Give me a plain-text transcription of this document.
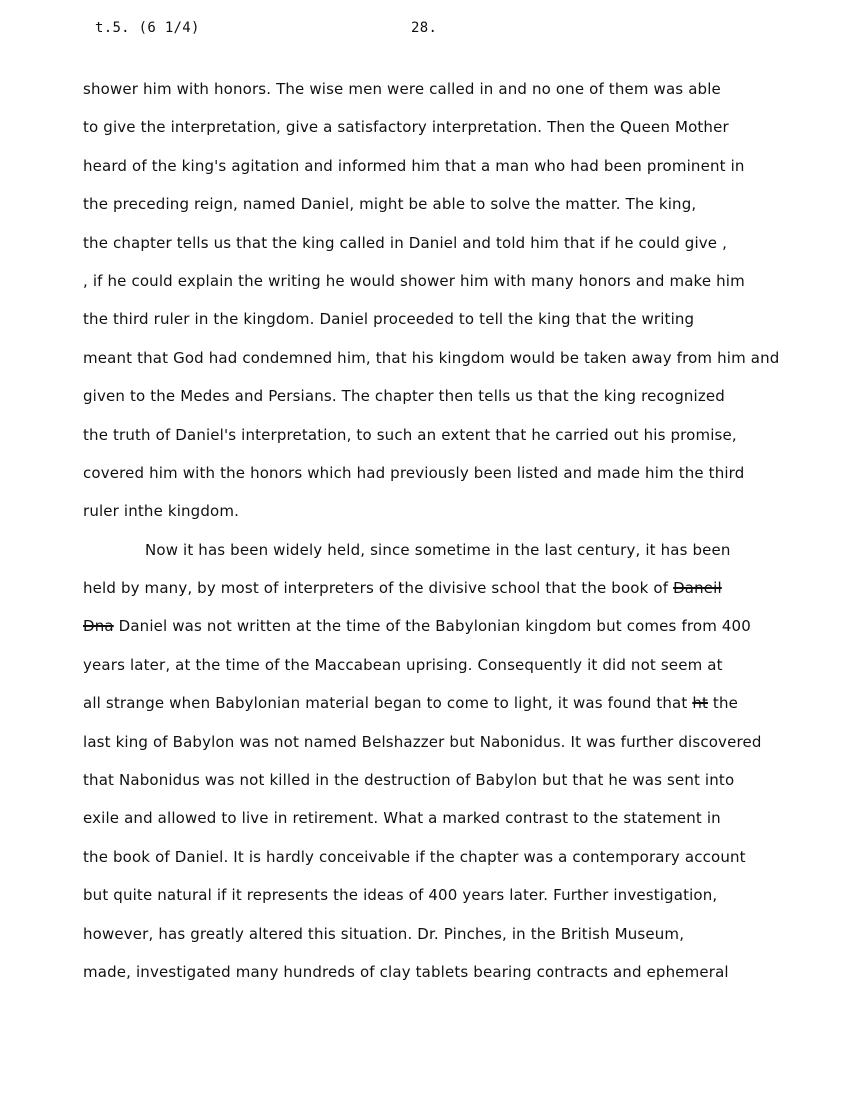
t.5. (6 1/4)	28.
shower him with honors. The wise men were called in and no one of them was able
to give the interpretation, give a satisfactory interpretation. Then the Queen Mother
heard of the king's agitation and informed him that a man who had been prominent in
the preceding reign, named Daniel, might be able to solve the matter. The king,
the chapter tells us that the king called in Daniel and told him that if he could give ,
, if he could explain the writing he would shower him with many honors and make him
the third ruler in the kingdom. Daniel proceeded to tell the king that the writing
meant that God had condemned him, that his kingdom would be taken away from him and
given to the Medes and Persians. The chapter then tells us that the king recognized
the truth of Daniel's interpretation, to such an extent that he carried out his promise,
covered him with the honors which had previously been listed and made him the third
ruler inthe kingdom.
Now it has been widely held, since sometime in the last century, it has been
held by many, by most of interpreters of the divisive school that the book of Daneil
Dna Daniel was not written at the time of the Babylonian kingdom but comes from 400
years later, at the time of the Maccabean uprising. Consequently it did not seem at
all strange when Babylonian material began to come to light, it was found that ht the
last king of Babylon was not named Belshazzer but Nabonidus. It was further discovered
that Nabonidus was not killed in the destruction of Babylon but that he was sent into
exile and allowed to live in retirement. What a marked contrast to the statement in
the book of Daniel. It is hardly conceivable if the chapter was a contemporary account
but quite natural if it represents the ideas of 400 years later. Further investigation,
however, has greatly altered this situation. Dr. Pinches, in the British Museum,
made, investigated many hundreds of clay tablets bearing contracts and ephemeral
